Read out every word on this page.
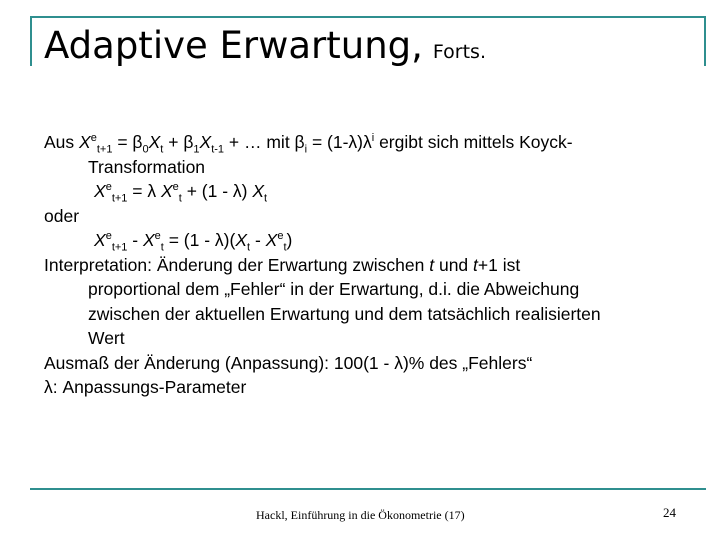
Adaptive Erwartung, Forts.
Aus $X^e_{t+1} = \beta_0X_t + \beta_1X_{t-1}$ + … mit $\beta_i = (1-\lambda)\lambda^i$ ergibt sich mittels Koyck-
Transformation
$X^e_{t+1} = \lambda$ $X^e_t + (1 - \lambda)$ $X_t$
oder
$X^e_{t+1} - X^e_t = (1 - \lambda)(X_t - X^e_t)$
Interpretation: Änderung der Erwartung zwischen t und t+1 ist
proportional dem „Fehler“ in der Erwartung, d.i. die Abweichung
zwischen der aktuellen Erwartung und dem tatsächlich realisierten
Wert
Ausmaß der Änderung (Anpassung): 100(1 - λ)% des „Fehlers“
λ: Anpassungs-Parameter
Hackl, Einführung in die Ökonometrie (17)	24
